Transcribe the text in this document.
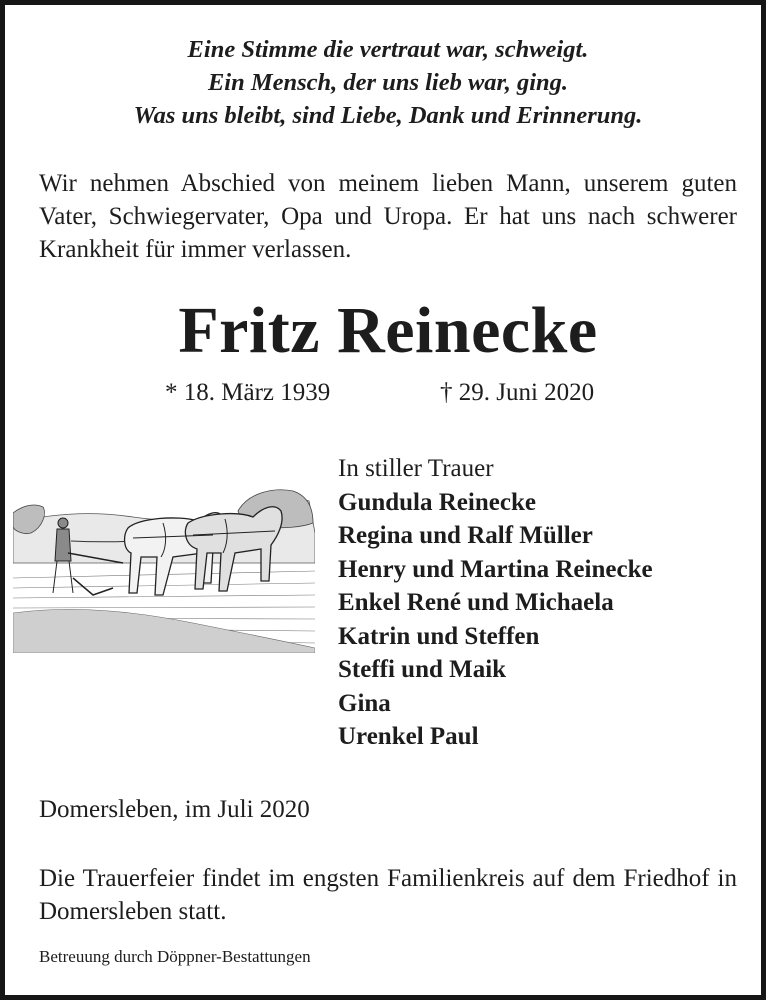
Eine Stimme die vertraut war, schweigt.
Ein Mensch, der uns lieb war, ging.
Was uns bleibt, sind Liebe, Dank und Erinnerung.
Wir nehmen Abschied von meinem lieben Mann, unserem guten Vater, Schwiegervater, Opa und Uropa. Er hat uns nach schwerer Krankheit für immer verlassen.
Fritz Reinecke
* 18. März 1939	† 29. Juni 2020
In stiller Trauer
Gundula Reinecke
Regina und Ralf Müller
Henry und Martina Reinecke
Enkel René und Michaela
Katrin und Steffen
Steffi und Maik
Gina
Urenkel Paul
Domersleben, im Juli 2020
Die Trauerfeier findet im engsten Familienkreis auf dem Friedhof in Domersleben statt.
Betreuung durch Döppner-Bestattungen
